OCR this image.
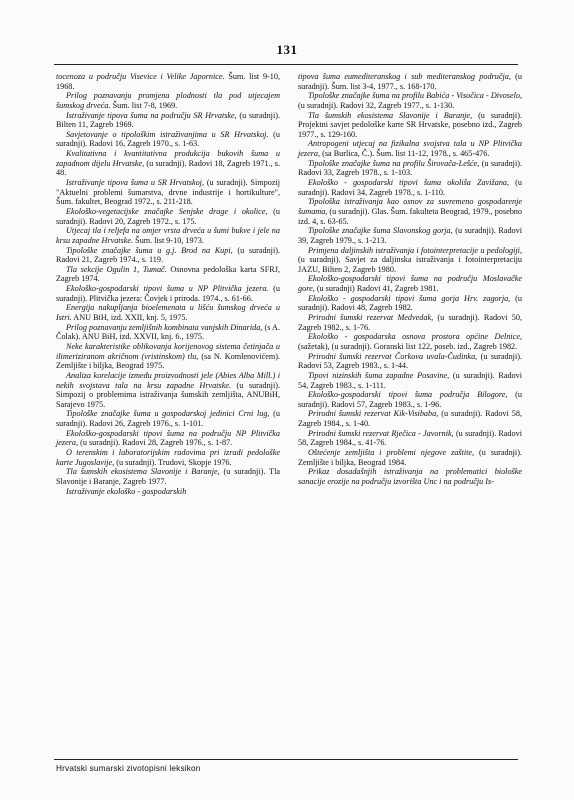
131

tocenoza u području Visevice i Velike Japornice. Šum. list 9-10, 1968.

Prilog poznavanju promjena plodnosti tla pod utjecajem šumskog drveća. Šum. list 7-8, 1969.

Istraživanje tipova šuma na području SR Hrvatske, (u suradnji). Bilten 11, Zagreb 1969.

Savjetovanje o tipološkim istraživanjima u SR Hrvatskoj. (u suradnji). Radovi 16, Zagreb 1970., s. 1-63.

Kvalitativna i kvantitativna produkcija bukovih šuma u zapadnom dijelu Hrvatske, (u suradnji). Radovi 18, Zagreb 1971., s. 48.

Istraživanje tipova šuma u SR Hrvatskoj, (u suradnji). Simpozij "Aktuelni problemi šumarstva, drvne industrije i hortikulture", Šum. fakultet, Beograd 1972., s. 211-218.

Ekološko-vegetacijske značajke Senjske drage i okolice, (u suradnji). Radovi 20, Zagreb 1972., s. 175.

Utjecaj tla i reljefa na omjer vrsta drveća u šumi bukve i jele na krsu zapadne Hrvatske. Šum. list 9-10, 1973.

Tipološke značajke šuma u g.j. Brod na Kupi, (u suradnji). Radovi 21, Zagreb 1974., s. 119.

Tla sekcije Ogulin 1, Tumač. Osnovna pedološka karta SFRJ, Zagreb 1974.

Ekološko-gospodarski tipovi šuma u NP Plitvička jezera. (u suradnji). Plitvička jezera: Čovjek i priroda. 1974., s. 61-66.

Energija nakupljanja bioelemenata u lišću šumskog drveća u Istri. ANU BiH, izd. XXII, knj. 5, 1975.

Prilog poznavanju zemljišnih kombinata vanjskih Dinarida, (s A. Čolak). ANU BiH, izd. XXVII, knj. 6., 1975.

Neke karakteristike oblikovanja korijenovog sistema četinjača u ilimeriziranom akričnom (vristinskom) tlu, (sa N. Komlenovićem). Zemljište i biljka, Beograd 1975.

Analiza korelacije između proizvodnosti jele (Abies Alba Mill.) i nekih svojstava tala na krsu zapadne Hrvatske. (u suradnji). Simpozij o problemima istraživanja šumskih zemljišta, ANUBiH, Sarajevo 1975.

Tipološke značajke šuma u gospodarskoj jedinici Crni lug, (u suradnji). Radovi 26, Zagreb 1976., s. 1-101.

Ekološko-gospodarski tipovi šuma na području NP Plitvička jezera, (u suradnji). Radovi 28, Zagreb 1976., s. 1-87.

O terenskim i laboratorijskim radovima pri izradi pedološke karte Jugoslavije, (u suradnji). Trudovi, Skopje 1976.

Tla šumskih ekosistema Slavonije i Baranje, (u suradnji). Tla Slavonije i Baranje, Zagreb 1977.

Istraživanje ekološko - gospodarskih

tipova šuma eumediteranskog i sub mediteranskog područja, (u suradnji). Šum. list 3-4, 1977., s. 168-170.

Tipološke značajke šuma na profilu Babića - Visočica - Divoselo, (u suradnji). Radovi 32, Zagreb 1977., s. 1-130.

Tla šumskih ekosistema Slavonije i Baranje, (u suradnji). Projektni savjet pedološke karte SR Hrvatske, posebno izd., Zagreb 1977., s. 129-160.

Antropogeni utjecaj na fizikalna svojstva tala u NP Plitvička jezera, (sa Burlica, Č.). Šum. list 11-12, 1978., s. 465-476.

Tipološke značajke šuma na profilu Širovača-Lešće, (u suradnji). Radovi 33, Zagreb 1978., s. 1-103.

Ekološko - gospodarski tipovi šuma okoliša Zavižana, (u suradnji). Radovi 34, Zagreb 1978., s. 1-110.

Tipološka istraživanja kao osnov za suvremeno gospodarenje šumama, (u suradnji). Glas. Šum. fakulteta Beograd, 1979., posebno izd. 4, s. 63-65.

Tipološke značajke šuma Slavonskog gorja, (u suradnji). Radovi 39, Zagreb 1979., s. 1-213.

Primjena daljinskih istraživanja i fotointerpretacije u pedologiji, (u suradnji). Savjet za daljinska istraživanja i fotointerpretaciju JAZU, Bilten 2, Zagreb 1980.

Ekološko-gospodarski tipovi šuma na području Moslavačke gore, (u suradnji) Radovi 41, Zagreb 1981.

Ekološko - gospodarski tipovi šuma gorja Hrv. zagorja, (u suradnji). Radovi 48, Zagreb 1982.

Prirodni šumski rezervat Medvedak, (u suradnji). Radovi 50, Zagreb 1982., s. 1-76.

Ekološko - gospodarska osnova prostora općine Delnice, (sažetak), (u suradnji). Goranski list 122, poseb. izd., Zagreb 1982.

Prirodni šumski rezervat Čorkova uvala-Čudinka, (u suradnji). Radovi 53, Zagreb 1983., s. 1-44.

Tipovi nizinskih šuma zapadne Posavine, (u suradnji). Radovi 54, Zagreb 1983., s. 1-111.

Ekološko-gospodarski tipovi šuma područja Bilogore, (u suradnji). Radovi 57, Zagreb 1983., s. 1-96.

Prirodni šumski rezervat Kik-Visibaba, (u suradnji). Radovi 58, Zagreb 1984., s. 1-40.

Prirodni šumski rezervat Rječica - Javornik, (u suradnji). Radovi 58, Zagreb 1984., s. 41-76.

Oštećenje zemljišta i problemi njegove zaštite, (u suradnji). Zemljište i biljka, Beograd 1984.

Prikaz dosadašnjih istraživanja na problematici biološke sanacije erozije na području izvorišta Unc i na području Is-

Hrvatski sumarski zivotopisni leksikon
